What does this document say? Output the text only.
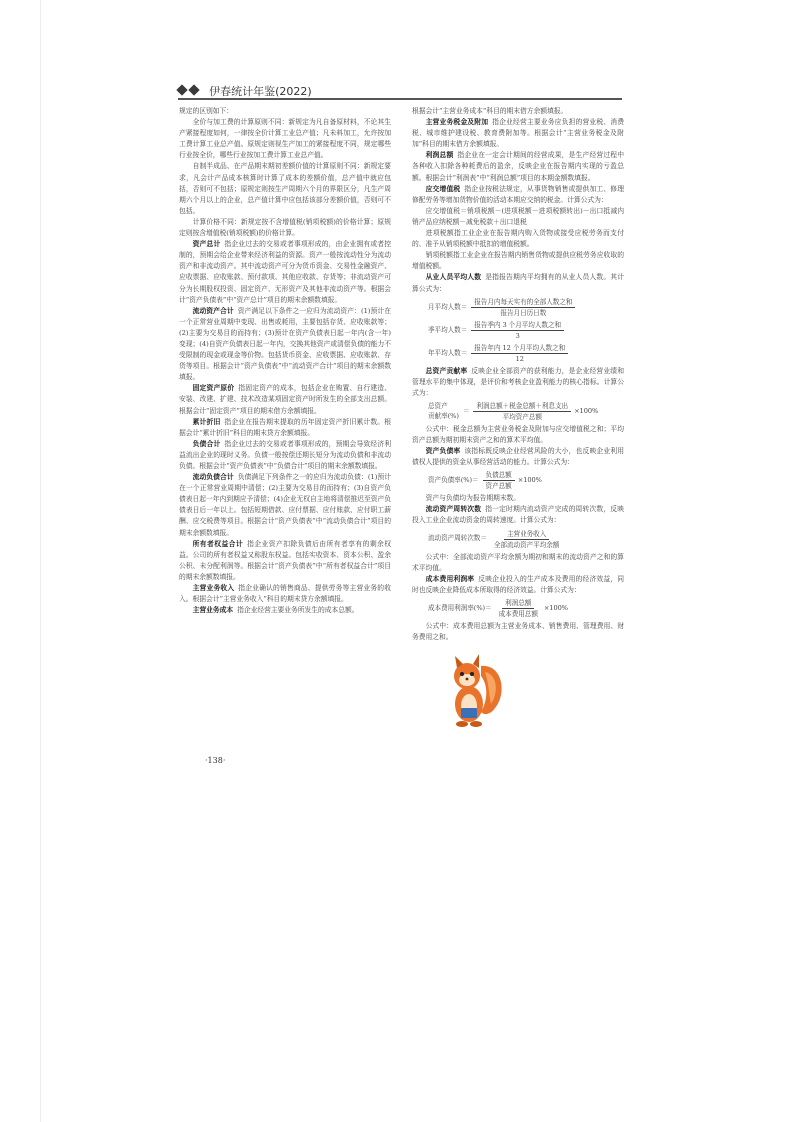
伊春统计年鉴(2022)

规定的区别如下：

全价与加工费的计算原则不同：新规定为凡自备原材料，不论其生产紧接程度如何，一律按全价计算工业总产值；凡未料加工，允许按加工费计算工业总产值。原规定则视生产加工的紧接程度不同，规定哪些行业按全价，哪些行业按加工费计算工业总产值。

自制半成品、在产品期末期初差额价值的计算原则不同：新规定要求，凡会计产品成本核算时计算了成本的差额价值，总产值中就应包括，否则可不包括；原规定则按生产周期六个月的界限区分，凡生产周期六个月以上的企业，总产值计算中应包括该部分差额价值，否则可不包括。

计算价格不同：新规定按不含增值税(销项税额)的价格计算；原规定则按含增值税(销项税额)的价格计算。

资产总计 指企业过去的交易或者事项形成的，由企业拥有或者控制的，预期会给企业带来经济利益的资源。资产一般按流动性分为流动资产和非流动资产。其中流动资产可分为货币资金、交易性金融资产、应收票据、应收账款、预付款项、其他应收款、存货等；非流动资产可分为长期股权投资、固定资产、无形资产及其他非流动资产等。根据会计“资产负债表”中“资产总计”项目的期末余额数填报。

流动资产合计 资产满足以下条件之一应归为流动资产：(1)预计在一个正常营业周期中变现、出售或耗用，主要包括存货、应收账款等；(2)主要为交易目的而持有；(3)预计在资产负债表日起一年内(含一年)变现；(4)自资产负债表日起一年内，交换其他资产或清偿负债的能力不受限制的现金或现金等价物。包括货币资金、应收票据、应收账款、存货等项目。根据会计“资产负债表”中“流动资产合计”项目的期末余额数填报。

固定资产原价 指固定资产的成本，包括企业在购置、自行建造、安装、改建、扩建、技术改造某项固定资产时所发生的全部支出总额。根据会计“固定资产”项目的期末借方余额填报。

累计折旧 指企业在报告期末提取的历年固定资产折旧累计数。根据会计“累计折旧”科目的期末贷方余额填报。

负债合计 指企业过去的交易或者事项形成的，预期会导致经济利益流出企业的现时义务。负债一般按偿还期长短分为流动负债和非流动负债。根据会计“资产负债表”中“负债合计”项目的期末余额数填报。

流动负债合计 负债满足下列条件之一的应归为流动负债：(1)预计在一个正常营业周期中清偿；(2)主要为交易目的而持有；(3)自资产负债表日起一年内到期应予清偿；(4)企业无权自主地将清偿推迟至资产负债表日后一年以上。包括短期借款、应付票据、应付账款、应付职工薪酬、应交税费等项目。根据会计“资产负债表”中“流动负债合计”项目的期末余额数填报。

所有者权益合计 指企业资产扣除负债后由所有者享有的剩余权益。公司的所有者权益又称股东权益。包括实收资本、资本公积、盈余公积、未分配利润等。根据会计“资产负债表”中“所有者权益合计”项目的期末余额数填报。

主营业务收入 指企业确认的销售商品、提供劳务等主营业务的收入。根据会计“主营业务收入”科目的期末贷方余额填报。

主营业务成本 指企业经营主要业务所发生的成本总额。

根据会计“主营业务成本”科目的期末借方余额填报。

主营业务税金及附加 指企业经营主要业务应负担的营业税、消费税、城市维护建设税、教育费附加等。根据会计“主营业务税金及附加”科目的期末借方余额填报。

利润总额 指企业在一定会计期间的经营成果，是生产经营过程中各种收入扣除各种耗费后的盈余，反映企业在报告期内实现的亏盈总额。根据会计“利润表”中“利润总额”项目的本期金额数填报。

应交增值税 指企业按税法规定，从事货物销售或提供加工、修理修配劳务等增加货物价值的活动本期应交纳的税金。计算公式为：

应交增值税＝销项税额－(进项税额－进项税额转出)－出口抵减内销产品应纳税额－减免税款＋出口退税

进项税额指工业企业在报告期内购入货物或接受应税劳务而支付的、准予从销项税额中抵扣的增值税额。

销项税额指工业企业在报告期内销售货物或提供应税劳务应收取的增值税额。

从业人员平均人数 是指报告期内平均拥有的从业人员人数。其计算公式为：

月平均人数＝ $\frac{\text{报告月内每天实有的全部人数之和}}{\text{报告月日历日数}}$
季平均人数＝ $\frac{\text{报告季内 3 个月平均人数之和}}{3}$
年平均人数＝ $\frac{\text{报告年内 12 个月平均人数之和}}{12}$

总资产贡献率 反映企业全部资产的获利能力，是企业经营业绩和管理水平的集中体现，是评价和考核企业盈利能力的核心指标。计算公式为：

总资产
贡献率(%)
＝ $\frac{\text{利润总额＋税金总额＋利息支出}}{\text{平均资产总额}} \times 100\%$

公式中：税金总额为主营业务税金及附加与应交增值税之和；平均资产总额为期初期末资产之和的算术平均值。

资产负债率 该指标既反映企业经营风险的大小，也反映企业利用债权人提供的资金从事经营活动的能力。计算公式为：

资产负债率(%)＝ $\frac{\text{负债总额}}{\text{资产总额}} \times 100\%$

资产与负债均为报告期期末数。

流动资产周转次数 指一定时期内流动资产完成的周转次数，反映投入工业企业流动资金的周转速度。计算公式为：

流动资产周转次数＝ $\frac{\text{主营业务收入}}{\text{全部流动资产平均余额}}$

公式中：全部流动资产平均余额为期初和期末的流动资产之和的算术平均值。

成本费用利润率 反映企业投入的生产成本及费用的经济效益，同时也反映企业降低成本所取得的经济效益。计算公式为：

成本费用利润率(%)＝ $\frac{\text{利润总额}}{\text{成本费用总额}} \times 100\%$

公式中：成本费用总额为主营业务成本、销售费用、管理费用、财务费用之和。

·138·
